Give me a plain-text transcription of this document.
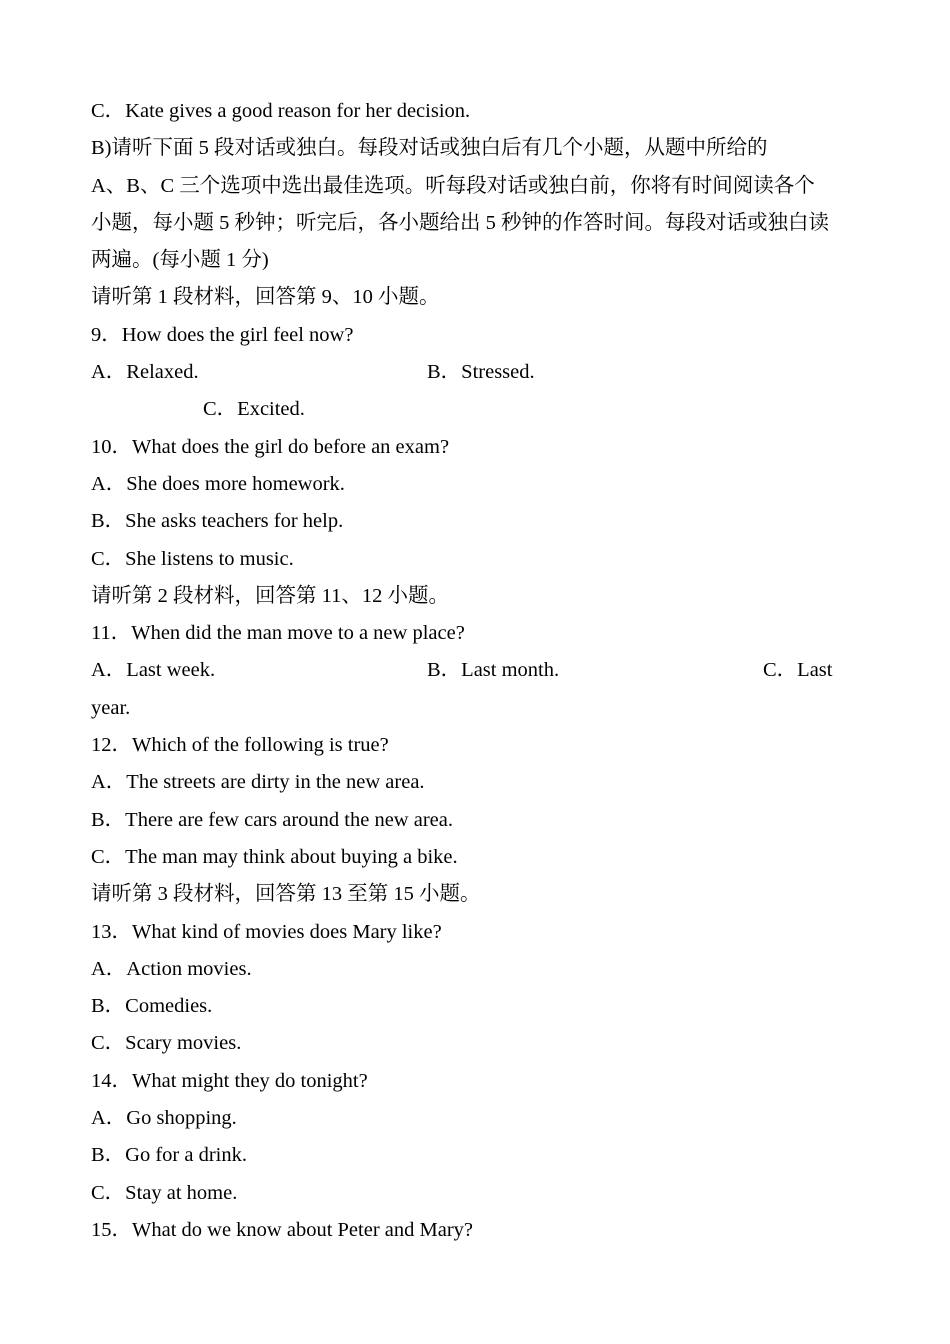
C．Kate gives a good reason for her decision.
B)请听下面 5 段对话或独白。每段对话或独白后有几个小题，从题中所给的
A、B、C 三个选项中选出最佳选项。听每段对话或独白前，你将有时间阅读各个
小题，每小题 5 秒钟；听完后，各小题给出 5 秒钟的作答时间。每段对话或独白读
两遍。(每小题 1 分)
请听第 1 段材料，回答第 9、10 小题。
9．How does the girl feel now?
A．Relaxed.	B．Stressed.
C．Excited.
10．What does the girl do before an exam?
A．She does more homework.
B．She asks teachers for help.
C．She listens to music.
请听第 2 段材料，回答第 11、12 小题。
11．When did the man move to a new place?
A．Last week.	B．Last month.	C．Last
year.
12．Which of the following is true?
A．The streets are dirty in the new area.
B．There are few cars around the new area.
C．The man may think about buying a bike.
请听第 3 段材料，回答第 13 至第 15 小题。
13．What kind of movies does Mary like?
A．Action movies.
B．Comedies.
C．Scary movies.
14．What might they do tonight?
A．Go shopping.
B．Go for a drink.
C．Stay at home.
15．What do we know about Peter and Mary?
